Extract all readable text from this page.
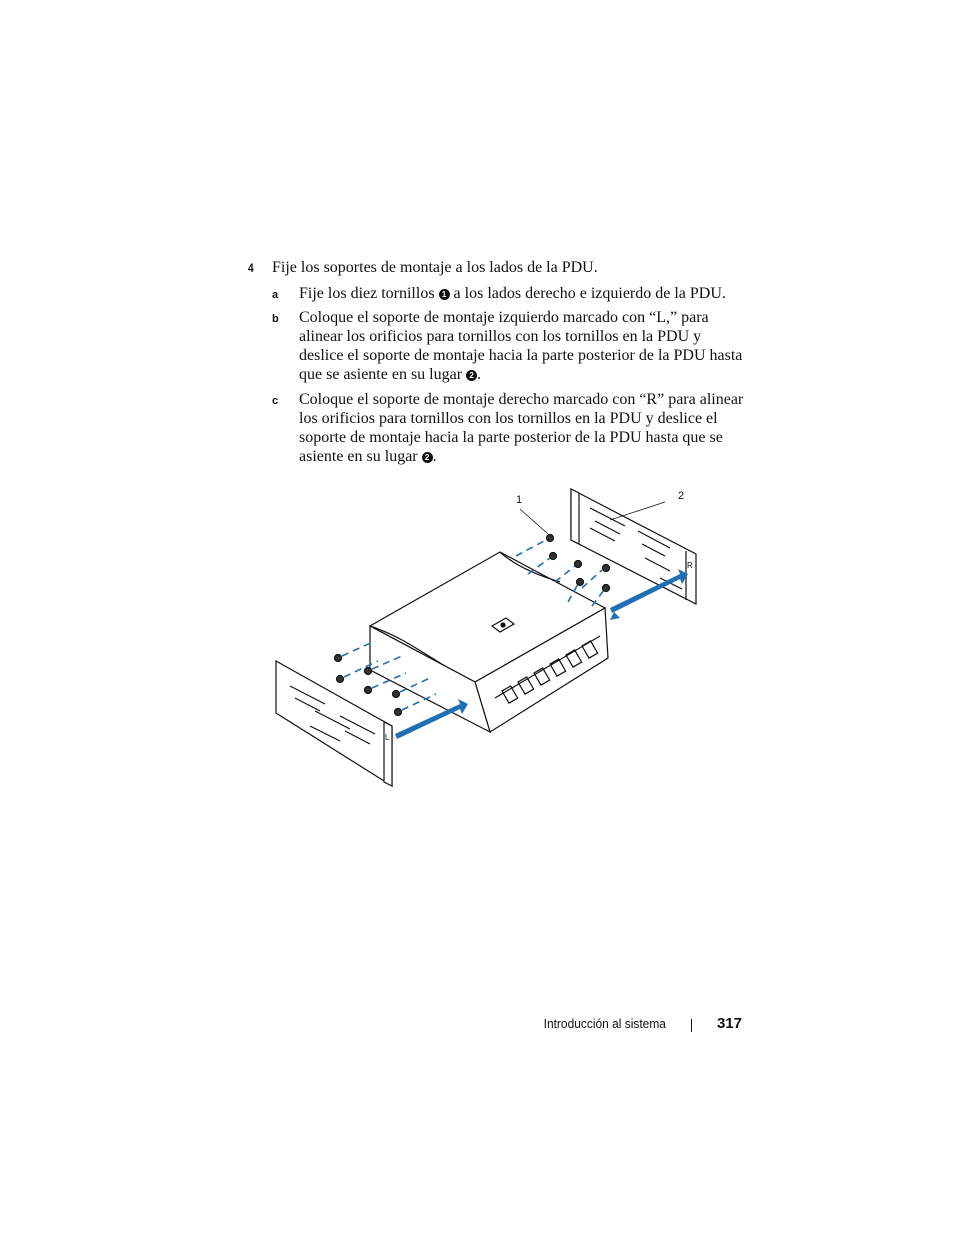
4 Fije los soportes de montaje a los lados de la PDU.
a Fije los diez tornillos 1 a los lados derecho e izquierdo de la PDU.
b Coloque el soporte de montaje izquierdo marcado con “L,” para alinear los orificios para tornillos con los tornillos en la PDU y deslice el soporte de montaje hacia la parte posterior de la PDU hasta que se asiente en su lugar 2 .
c Coloque el soporte de montaje derecho marcado con “R” para alinear los orificios para tornillos con los tornillos en la PDU y deslice el soporte de montaje hacia la parte posterior de la PDU hasta que se asiente en su lugar 2 .
R
L
1	2
Introducción al sistema	317
